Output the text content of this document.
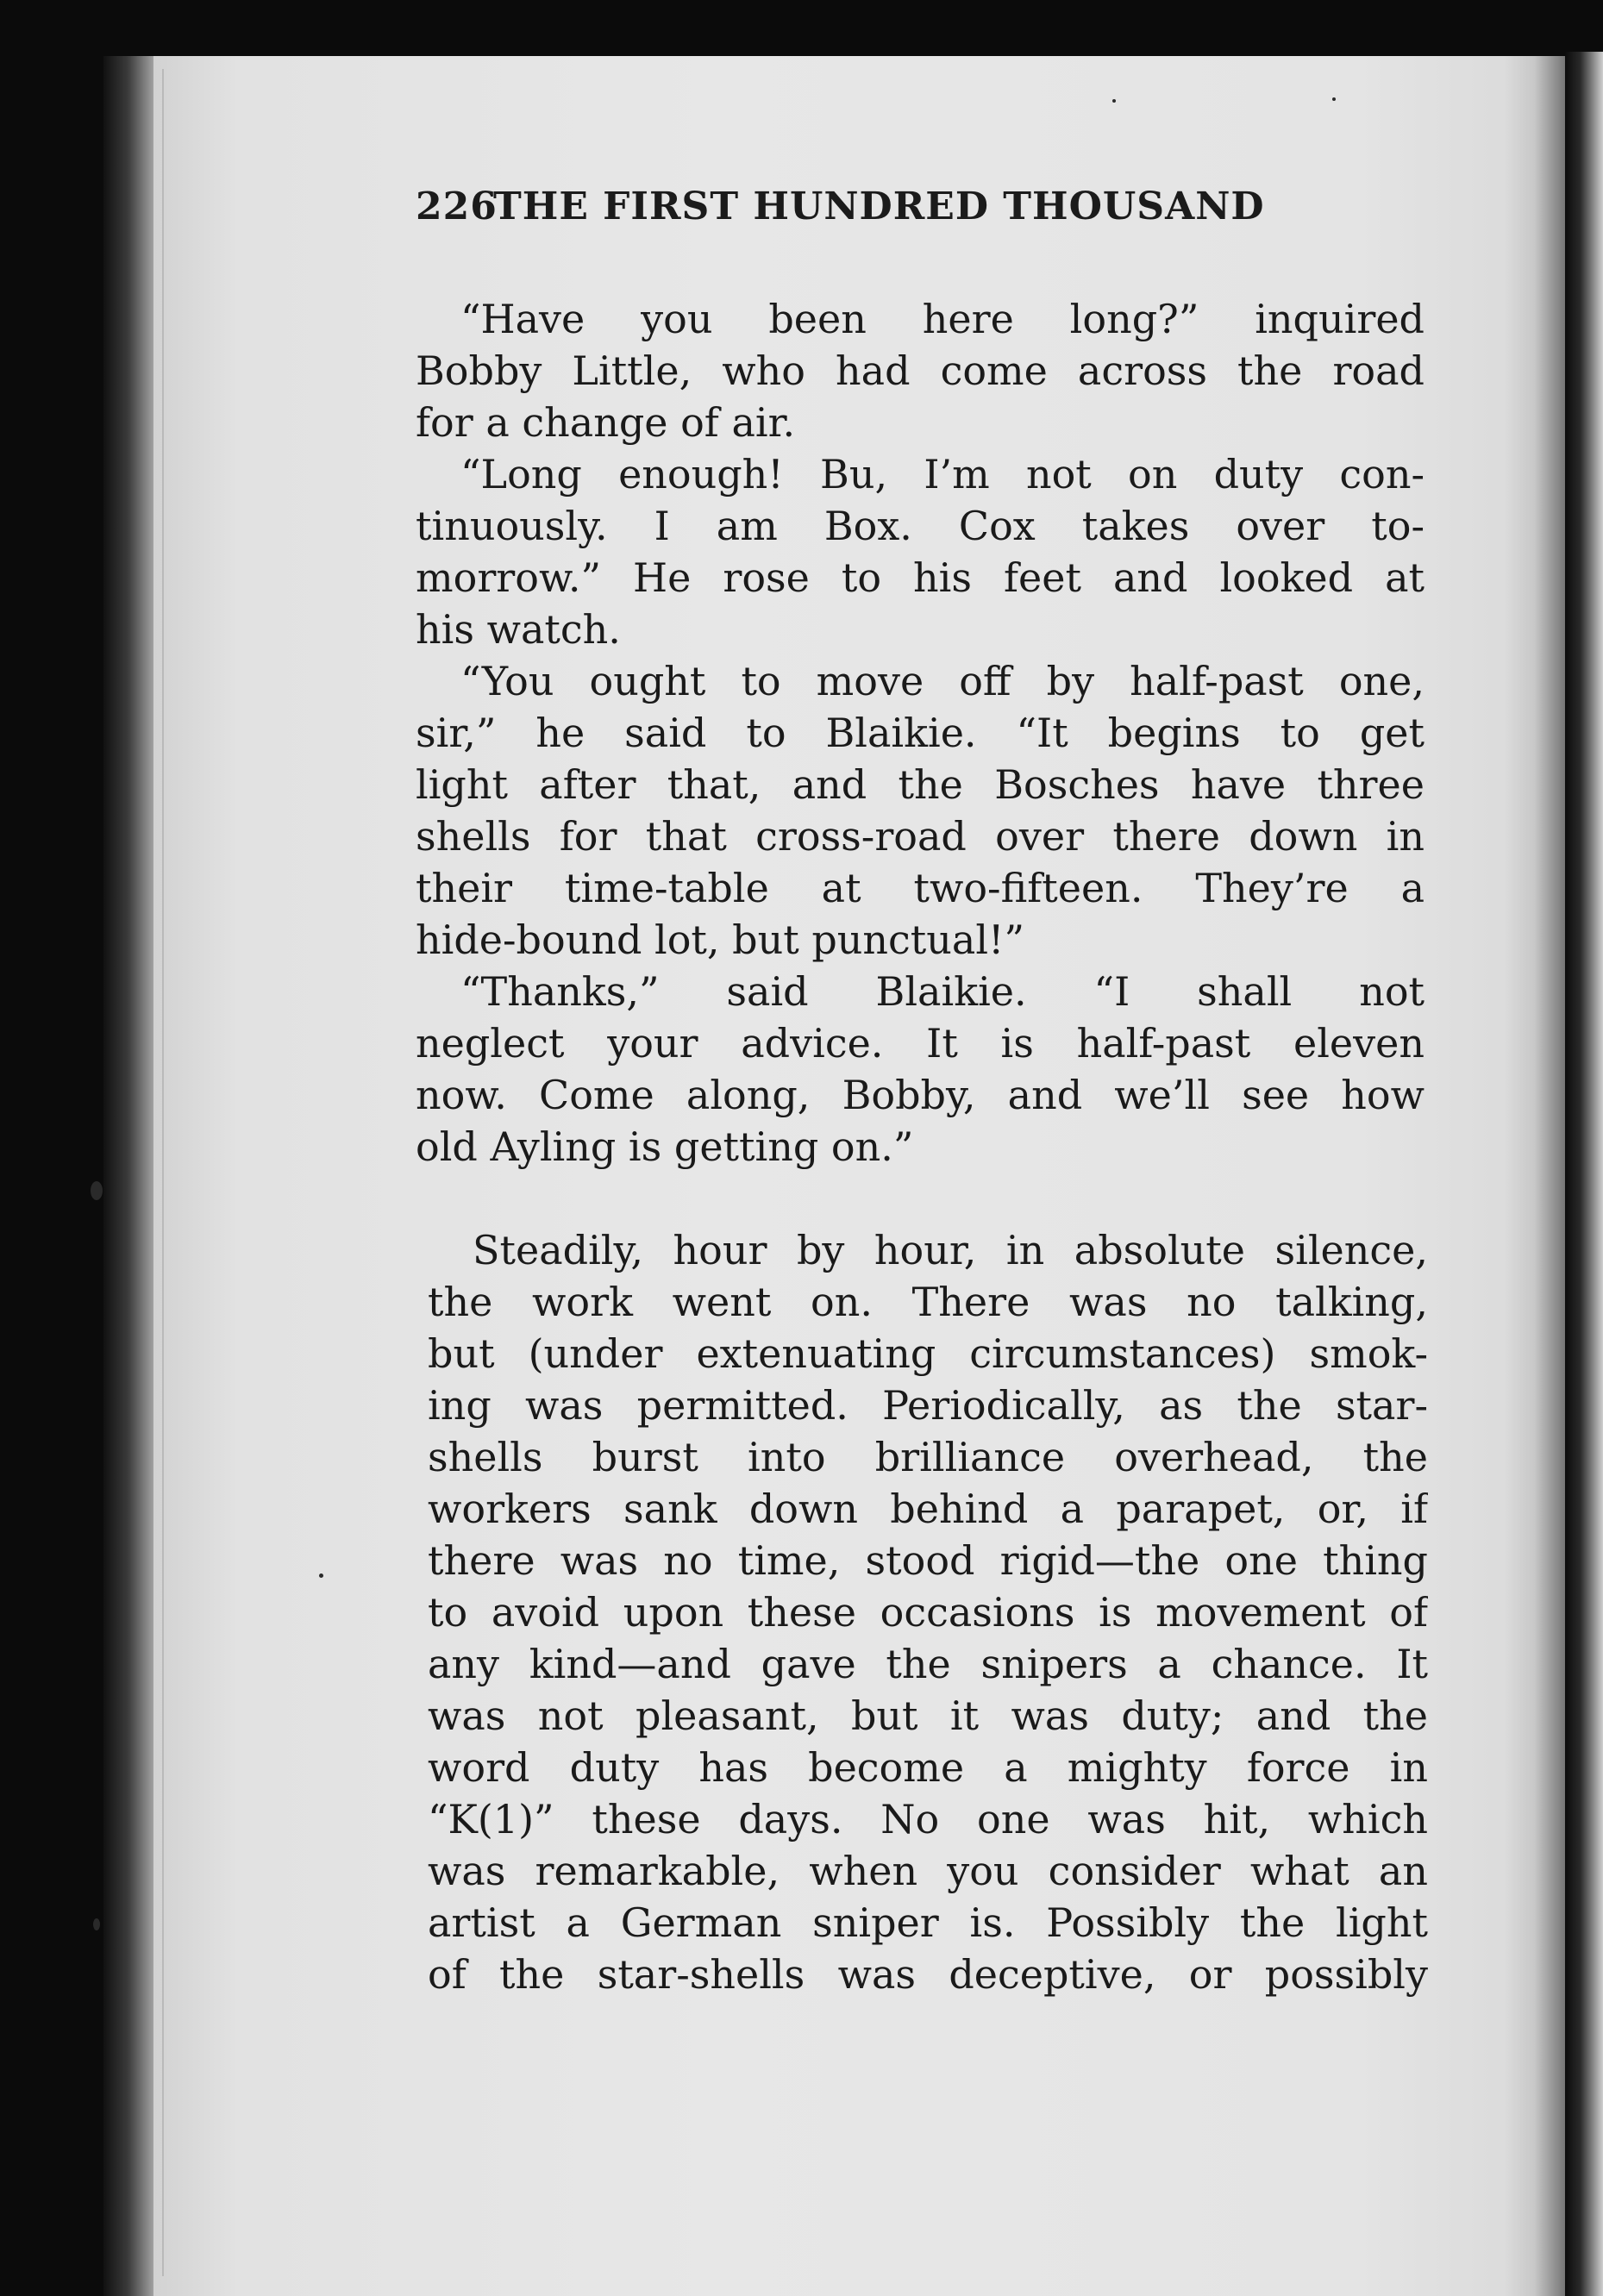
226THE FIRST HUNDRED THOUSAND
“Have you been here long?” inquired
Bobby Little, who had come across the road
for a change of air.
“Long enough! Bu, I’m not on duty con-
tinuously. I am Box. Cox takes over to-
morrow.” He rose to his feet and looked at
his watch.
“You ought to move off by half-past one,
sir,” he said to Blaikie. “It begins to get
light after that, and the Bosches have three
shells for that cross-road over there down in
their time-table at two-fifteen. They’re a
hide-bound lot, but punctual!”
“Thanks,” said Blaikie. “I shall not
neglect your advice. It is half-past eleven
now. Come along, Bobby, and we’ll see how
old Ayling is getting on.”
Steadily, hour by hour, in absolute silence,
the work went on. There was no talking,
but (under extenuating circumstances) smok-
ing was permitted. Periodically, as the star-
shells burst into brilliance overhead, the
workers sank down behind a parapet, or, if
there was no time, stood rigid—the one thing
to avoid upon these occasions is movement of
any kind—and gave the snipers a chance. It
was not pleasant, but it was duty; and the
word duty has become a mighty force in
“K(1)” these days. No one was hit, which
was remarkable, when you consider what an
artist a German sniper is. Possibly the light
of the star-shells was deceptive, or possibly
